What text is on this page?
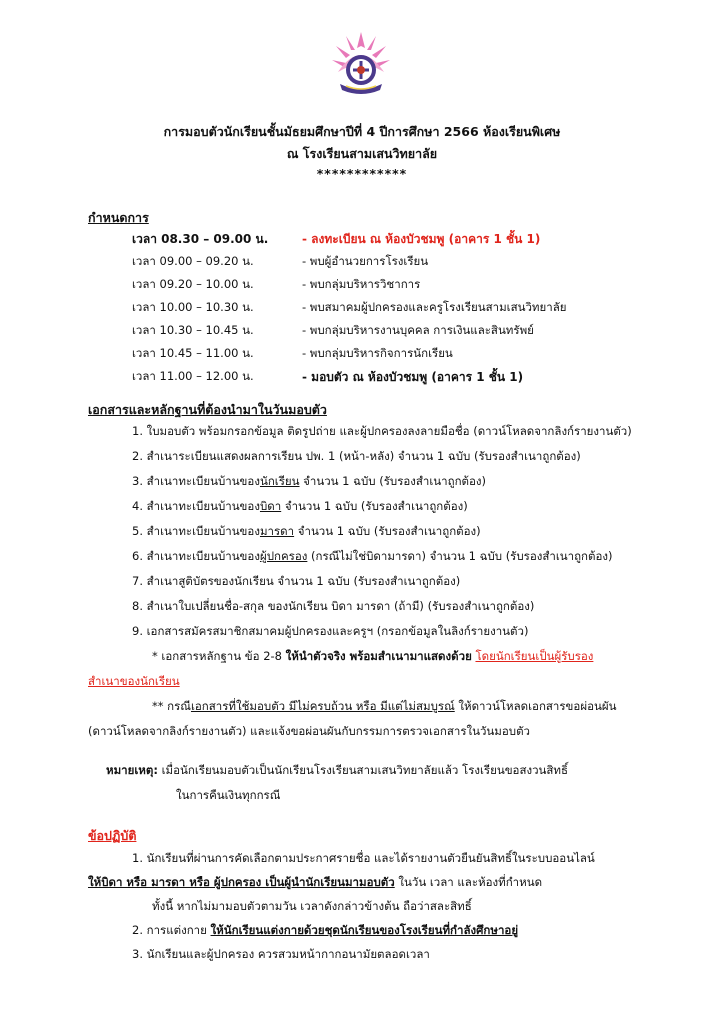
การมอบตัวนักเรียนชั้นมัธยมศึกษาปีที่ 4 ปีการศึกษา 2566 ห้องเรียนพิเศษ
ณ โรงเรียนสามเสนวิทยาลัย
************
กำหนดการ
เวลา 08.30 – 09.00 น.	- ลงทะเบียน ณ ห้องบัวชมพู (อาคาร 1 ชั้น 1)
เวลา 09.00 – 09.20 น.	- พบผู้อำนวยการโรงเรียน
เวลา 09.20 – 10.00 น.	- พบกลุ่มบริหารวิชาการ
เวลา 10.00 – 10.30 น.	- พบสมาคมผู้ปกครองและครูโรงเรียนสามเสนวิทยาลัย
เวลา 10.30 – 10.45 น.	- พบกลุ่มบริหารงานบุคคล การเงินและสินทรัพย์
เวลา 10.45 – 11.00 น.	- พบกลุ่มบริหารกิจการนักเรียน
เวลา 11.00 – 12.00 น.	- มอบตัว ณ ห้องบัวชมพู (อาคาร 1 ชั้น 1)
เอกสารและหลักฐานที่ต้องนำมาในวันมอบตัว
1. ใบมอบตัว พร้อมกรอกข้อมูล ติดรูปถ่าย และผู้ปกครองลงลายมือชื่อ (ดาวน์โหลดจากลิงก์รายงานตัว)
2. สำเนาระเบียนแสดงผลการเรียน ปพ. 1 (หน้า-หลัง) จำนวน 1 ฉบับ (รับรองสำเนาถูกต้อง)
3. สำเนาทะเบียนบ้านของนักเรียน จำนวน 1 ฉบับ (รับรองสำเนาถูกต้อง)
4. สำเนาทะเบียนบ้านของบิดา จำนวน 1 ฉบับ (รับรองสำเนาถูกต้อง)
5. สำเนาทะเบียนบ้านของมารดา จำนวน 1 ฉบับ (รับรองสำเนาถูกต้อง)
6. สำเนาทะเบียนบ้านของผู้ปกครอง (กรณีไม่ใช่บิดามารดา) จำนวน 1 ฉบับ (รับรองสำเนาถูกต้อง)
7. สำเนาสูติบัตรของนักเรียน จำนวน 1 ฉบับ (รับรองสำเนาถูกต้อง)
8. สำเนาใบเปลี่ยนชื่อ-สกุล ของนักเรียน บิดา มารดา (ถ้ามี) (รับรองสำเนาถูกต้อง)
9. เอกสารสมัครสมาชิกสมาคมผู้ปกครองและครูฯ (กรอกข้อมูลในลิงก์รายงานตัว)
* เอกสารหลักฐาน ข้อ 2-8 ให้นำตัวจริง พร้อมสำเนามาแสดงด้วย โดยนักเรียนเป็นผู้รับรอง
สำเนาของนักเรียน
** กรณีเอกสารที่ใช้มอบตัว มีไม่ครบถ้วน หรือ มีแต่ไม่สมบูรณ์ ให้ดาวน์โหลดเอกสารขอผ่อนผัน
(ดาวน์โหลดจากลิงก์รายงานตัว) และแจ้งขอผ่อนผันกับกรรมการตรวจเอกสารในวันมอบตัว
หมายเหตุ: เมื่อนักเรียนมอบตัวเป็นนักเรียนโรงเรียนสามเสนวิทยาลัยแล้ว โรงเรียนขอสงวนสิทธิ์
ในการคืนเงินทุกกรณี
ข้อปฏิบัติ
1. นักเรียนที่ผ่านการคัดเลือกตามประกาศรายชื่อ และได้รายงานตัวยืนยันสิทธิ์ในระบบออนไลน์
ให้บิดา หรือ มารดา หรือ ผู้ปกครอง เป็นผู้นำนักเรียนมามอบตัว ในวัน เวลา และห้องที่กำหนด
ทั้งนี้ หากไม่มามอบตัวตามวัน เวลาดังกล่าวข้างต้น ถือว่าสละสิทธิ์
2. การแต่งกาย ให้นักเรียนแต่งกายด้วยชุดนักเรียนของโรงเรียนที่กำลังศึกษาอยู่
3. นักเรียนและผู้ปกครอง ควรสวมหน้ากากอนามัยตลอดเวลา
